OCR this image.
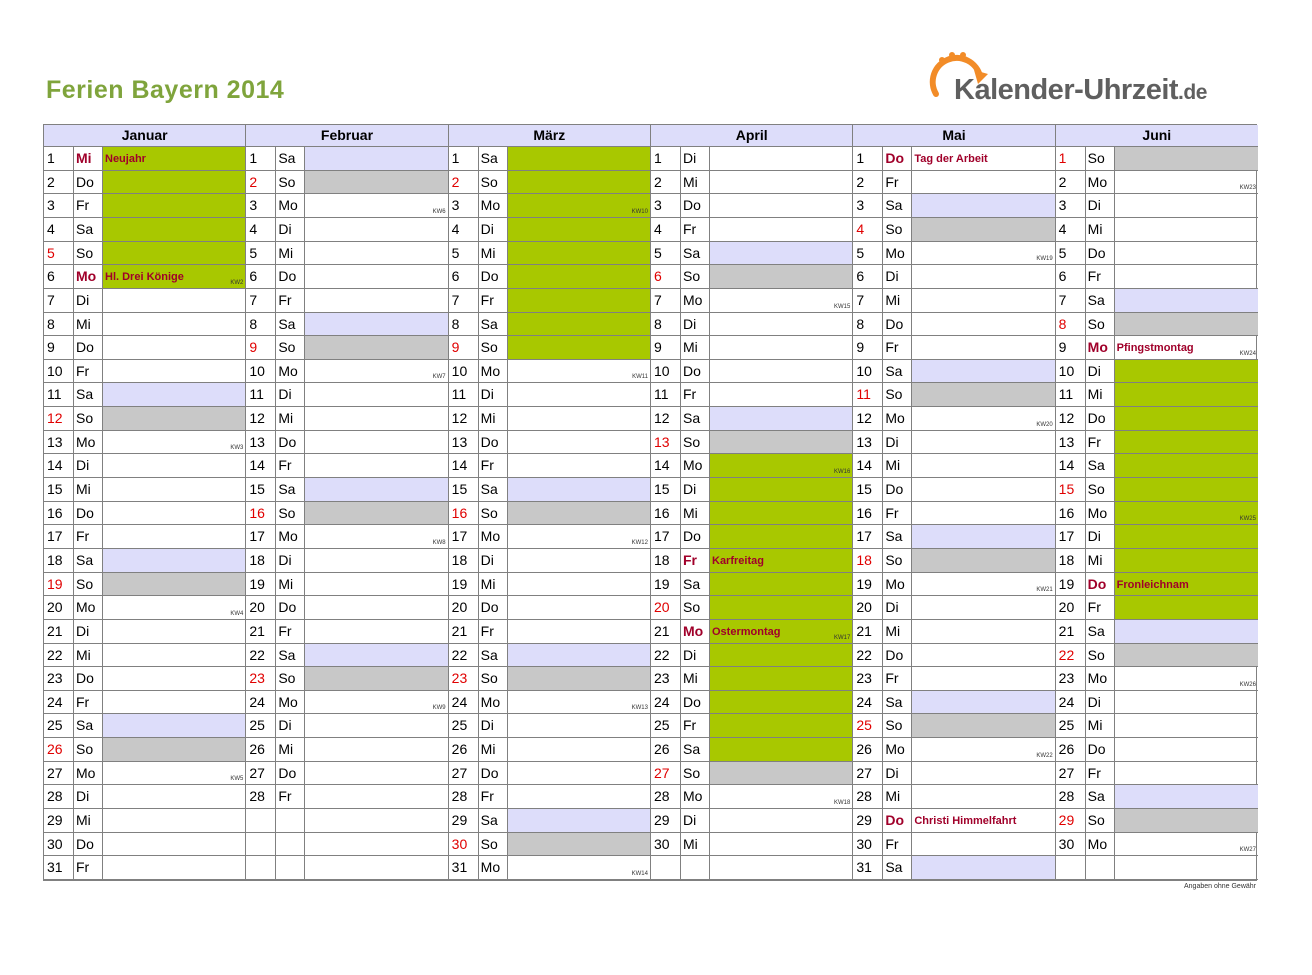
Ferien Bayern 2014	Kalender-Uhrzeit.de
Januar
1	Mi	Neujahr
2	Do
3	Fr
4	Sa
5	So
6	Mo Hl. Drei Könige	KW2
7	Di
8	Mi
9	Do
10 Fr
11	Sa
12 So
13 Mo	KW3
14 Di
15 Mi
16 Do
17 Fr
18 Sa
19 So
20 Mo	KW4
21 Di
22 Mi
23 Do
24 Fr
25 Sa
26 So
27 Mo	KW5
28 Di
29 Mi
30 Do
31 Fr
Februar
1	Sa
2	So
3	Mo	KW6
4	Di
5	Mi
6	Do
7	Fr
8	Sa
9	So
10 Mo	KW7
11	Di
12 Mi
13 Do
14 Fr
15 Sa
16 So
17 Mo	KW8
18 Di
19 Mi
20 Do
21 Fr
22 Sa
23 So
24 Mo	KW9
25 Di
26 Mi
27 Do
28 Fr
März
1	Sa
2	So
3	Mo	KW10
4	Di
5	Mi
6	Do
7	Fr
8	Sa
9	So
10 Mo	KW11
11	Di
12 Mi
13 Do
14 Fr
15 Sa
16 So
17 Mo	KW12
18 Di
19 Mi
20 Do
21 Fr
22 Sa
23 So
24 Mo	KW13
25 Di
26 Mi
27 Do
28 Fr
29 Sa
30 So
31 Mo	KW14
April
1	Di
2	Mi
3	Do
4	Fr
5	Sa
6	So
7	Mo	KW15
8	Di
9	Mi
10 Do
11	Fr
12 Sa
13 So
14 Mo	KW16
15 Di
16 Mi
17 Do
18 Fr	Karfreitag
19 Sa
20 So
21 Mo Ostermontag	KW17
22 Di
23 Mi
24 Do
25 Fr
26 Sa
27 So
28 Mo	KW18
29 Di
30 Mi
Mai
1	Do Tag der Arbeit
2	Fr
3	Sa
4	So
5	Mo	KW19
6	Di
7	Mi
8	Do
9	Fr
10 Sa
11	So
12 Mo	KW20
13 Di
14 Mi
15 Do
16 Fr
17 Sa
18 So
19 Mo	KW21
20 Di
21 Mi
22 Do
23 Fr
24 Sa
25 So
26 Mo	KW22
27 Di
28 Mi
29 Do Christi Himmelfahrt
30 Fr
31 Sa
Juni
1	So
2	Mo	KW23
3	Di
4	Mi
5	Do
6	Fr
7	Sa
8	So
9	Mo Pfingstmontag	KW24
10 Di
11	Mi
12 Do
13 Fr
14 Sa
15 So
16 Mo	KW25
17 Di
18 Mi
19 Do Fronleichnam
20 Fr
21 Sa
22 So
23 Mo	KW26
24 Di
25 Mi
26 Do
27 Fr
28 Sa
29 So
30 Mo	KW27
Angaben ohne Gewähr
